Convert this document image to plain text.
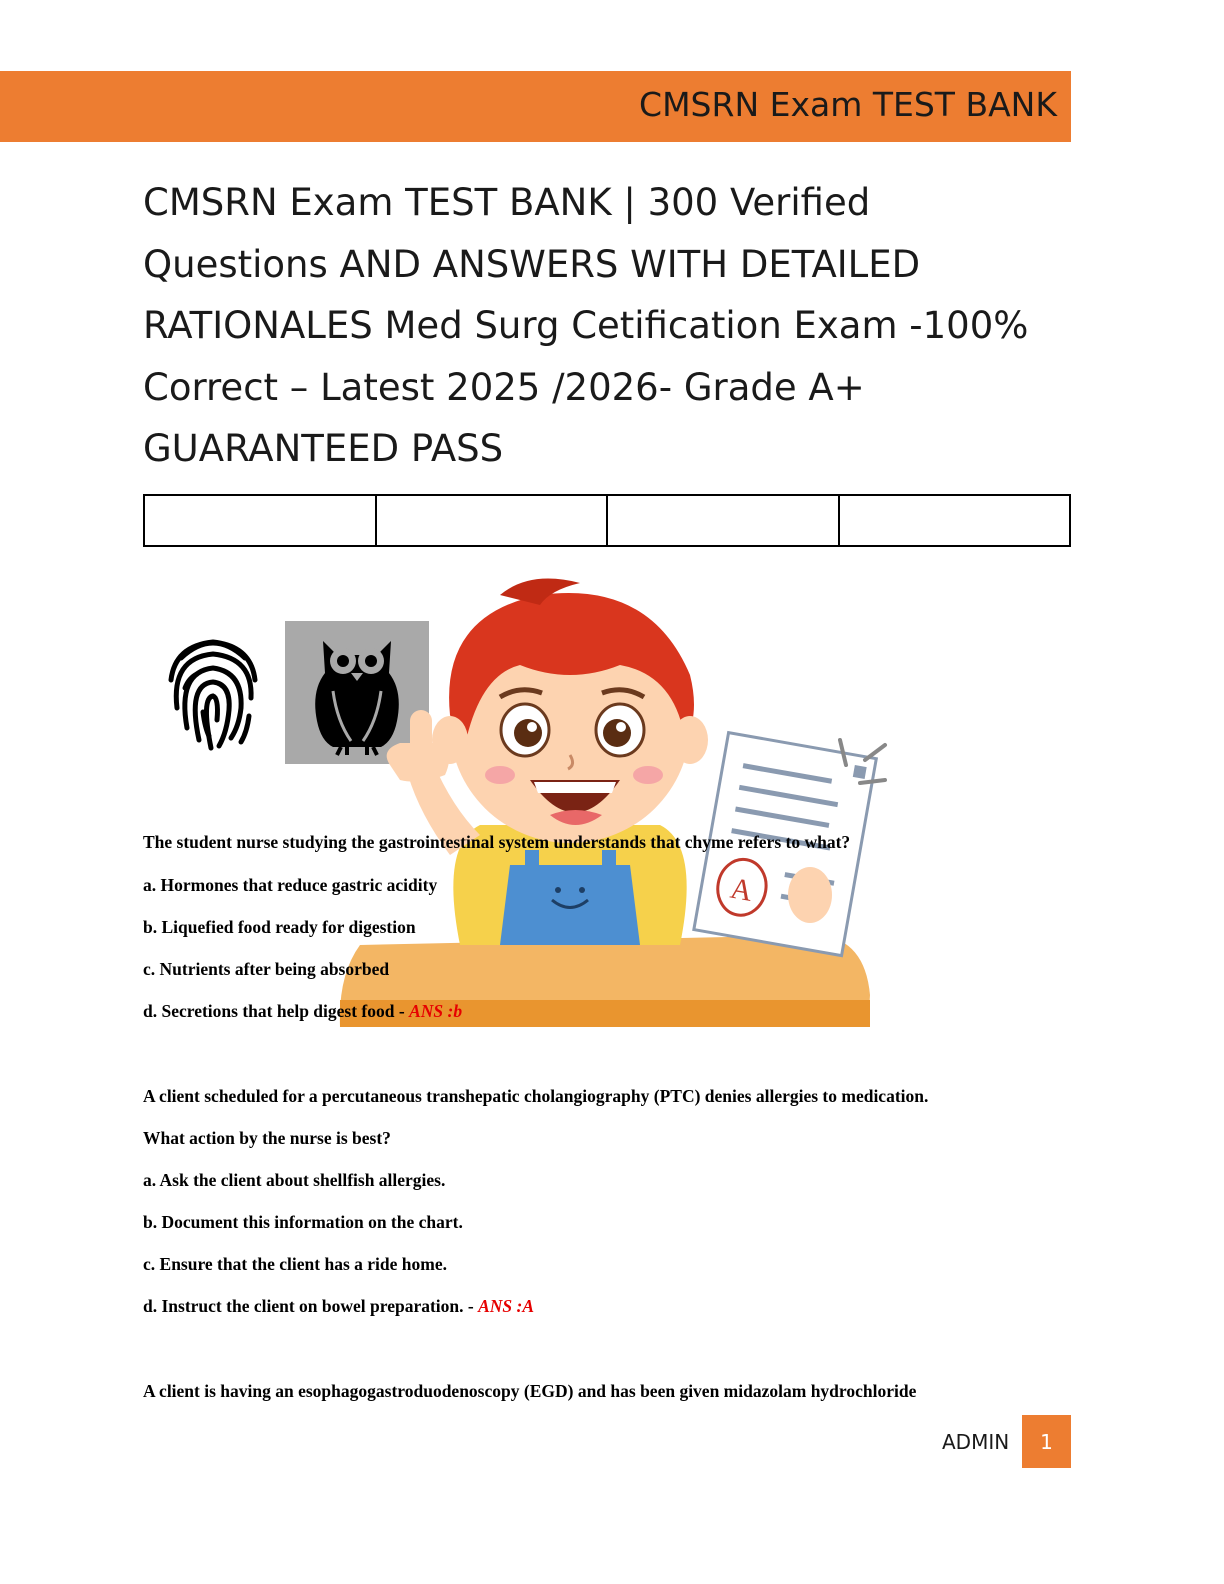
CMSRN Exam TEST BANK
CMSRN Exam TEST BANK | 300 Verified
Questions AND ANSWERS WITH DETAILED
RATIONALES Med Surg Cetification Exam -100%
Correct – Latest 2025 /2026- Grade A+
GUARANTEED PASS

A
The student nurse studying the gastrointestinal system understands that chyme refers to what?
a. Hormones that reduce gastric acidity
b. Liquefied food ready for digestion
c. Nutrients after being absorbed
d. Secretions that help digest food - ANS :b
A client scheduled for a percutaneous transhepatic cholangiography (PTC) denies allergies to medication.
What action by the nurse is best?
a. Ask the client about shellfish allergies.
b. Document this information on the chart.
c. Ensure that the client has a ride home.
d. Instruct the client on bowel preparation. - ANS :A
A client is having an esophagogastroduodenoscopy (EGD) and has been given midazolam hydrochloride
ADMIN	1
